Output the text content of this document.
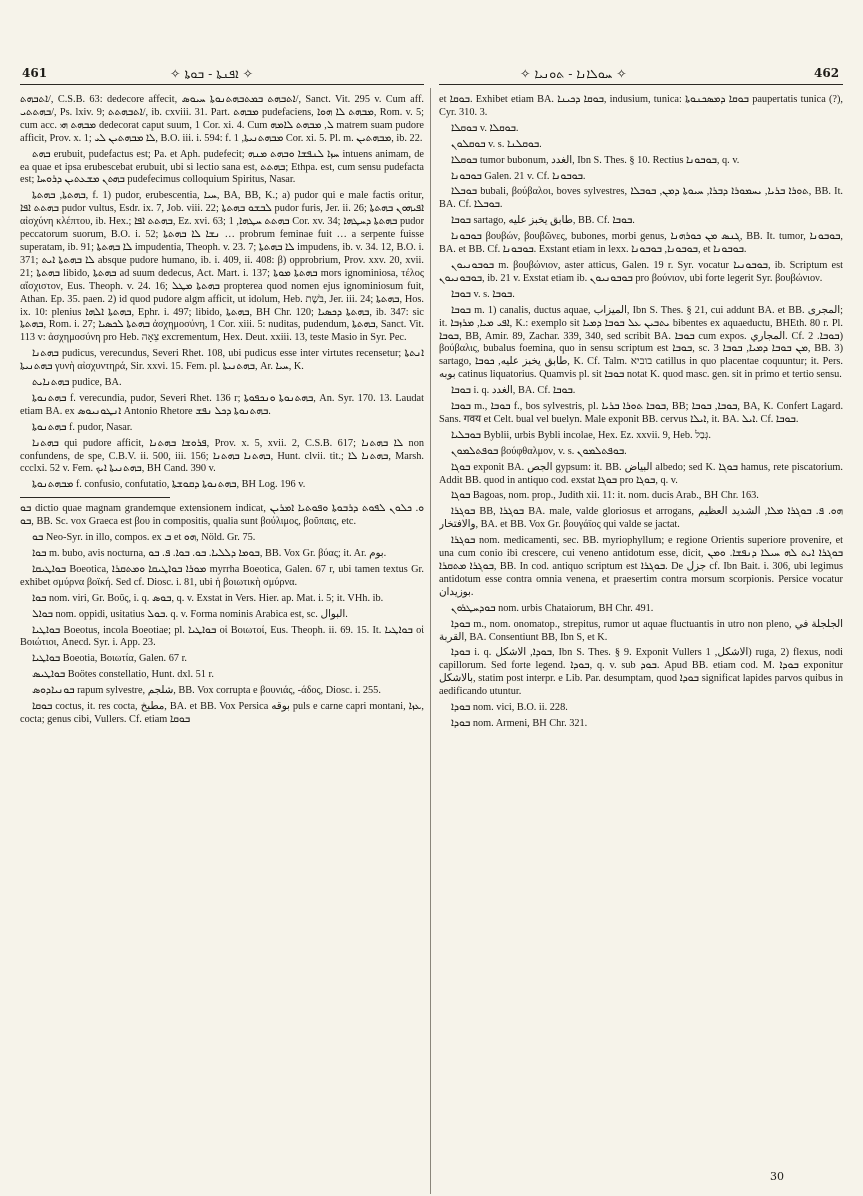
461	✧ ܐܦܢܬܐ - ܒܘܬܐ ✧	✧ ܚܘܠܐܢܐ - ܬܘܢܝܐ ✧	462

ܐܬܒܗܬ/, C.S.B. 63: dedecore affecit, ܐܬܒܗܬ ܒܡܬܒܗܬܢܘܬܐ ܚܝܘܣ/, Sanct. Vit. 295 v. Cum aff. ܒܗܬܬܝ/, Ps. lxiv. 9; ܐܬܒܗܬܬ/, ib. cxviii. 31. Part. ܡܒܗܬ pudefaciens, ܡܒܗܬ ܠܐ ܗܘܐ, Rom. v. 5; cum acc. ܡܒܗܬ ܗܝ dedecorat caput suum, 1 Cor. xi. 4. Cum ܠ, ܡܒܗܬ ܠܐܡܗ matrem suam pudore afficit, Prov. x. 1; ܠܐ ܡܒܗܬܝܢ ܠܝ, B.O. iii. i. 594: f. ܡܒܗܬܢܝܬܐ, 1 Cor. xi. 5. Pl. m. ܡܒܗܬܝܢ, ib. 22.

ܒܗܬ erubuit, pudefactus est; Pa. et Aph. pudefecit; ܚܙܐ ܠܢܦܫܐ ܘܒܗܬ ܡܢܗ intuens animam, de ea quae et ipsa erubescebat erubuit, ubi si lectio sana est, ܒܗܬܬ; Ethpa. est, cum sensu pudefacta est; ܒܗܬܢ ܡܫܥܬܝܢ ܕܪܘܚܐ pudefecimus colloquium Spiritus, Nasar.

ܒܗܬܬܐ, ܒܗܬܬܐ, f. 1) pudor, erubescentia, ܚܝܐ, BA, BB, K.; a) pudor qui e male factis oritur, ܒܗܬܬ ܐܦܐ pudor vultus, Esdr. ix. 7, Job. viii. 22; ܠܒܫܘ ܒܗܬܬܐ pudor furis, Jer. ii. 26; ܐܦܝܗܘܢ ܒܗܬܬܐ αἰσχύνη κλέπτου, ib. Hex.; ܒܗܬܬ ܐܦܐ, Ez. xvi. 63; ܒܗܬܬ ܚܛܗܐ, 1 Cor. xv. 34; ܒܗܬܬܐ ܕܚܛܗܐ pudor peccatorum suorum, B.O. i. 52; ܢܫܐ ܠܐ ܒܗܬܬܐ … probrum feminae fuit … a serpente fuisse superatam, ib. 91; ܠܐ ܒܗܬܬܐ impudentia, Theoph. v. 23. 7; ܠܐ ܒܗܬܬܐ impudens, ib. v. 34. 12, B.O. i. 371; ܠܐ ܒܗܬܬܐ ܐܝܬ absque pudore humano, ib. i. 409, ii. 408: β) opprobrium, Prov. xxv. 20, xvii. 21; ܒܗܬܬܐ libido, ܒܗܬܬܐ ad suum dedecus, Act. Mart. i. 137; ܒܗܬܬܐ ܡܘܬܐ mors ignominiosa, τέλος αἴσχιστον, Eus. Theoph. v. 24. 16; ܒܗܬܬܐ ܡܛܠ propterea quod nomen ejus ignominiosum fuit, Athan. Ep. 35. paen. 2) id quod pudore algm afficit, ut idolum, Heb. בֹּשֶׁת, Jer. iii. 24; ܒܗܬܬܐ, Hos. ix. 10: plenius ܒܗܬܬܐ ܐܠܗܐ, Ephr. i. 497; libido, ܒܗܬܬܐ, BH Chr. 120; ܒܗܬܬܐ ܕܟܣܝܐ, ib. 347: sic ܒܗܬܬܐ, Rom. i. 27; ܒܗܬܬܐ ܠܟܣܝܐ ἀσχημοσύνη, 1 Cor. xiii. 5: nuditas, pudendum, ܒܗܬܬܐ, Sanct. Vit. 113 v: ἀσχημοσύνη pro Heb. צֵאָה excrementum, Hex. Deut. xxiii. 13, teste Masio in Syr. Pec.

ܒܗܬܢܐ pudicus, verecundus, Severi Rhet. 108, ubi pudicus esse inter virtutes recensetur; ܐܢܬܬܐ ܒܗܬܢܝܬܐ γυνὴ αἰσχυντηρά, Sir. xxvi. 15. Fem. pl. ܒܗܬܢܝܬܐ, Ar. ܚܝܐ, K.

ܒܗܬܢܐܝܬ pudice, BA.

ܒܗܬܢܘܬܐ f. verecundia, pudor, Severi Rhet. 136 r; ܒܗܬܢܘܬܐ ܘܢܟܦܘܬܐ, An. Syr. 170. 13. Laudat etiam BA. ex ܐܢܛܘܢܝܘܣ Antonio Rhetore ܒܗܬܢܘܬܐ ܕܟܠ ܢܦܫ.

ܒܗܬܢܘܬܐ f. pudor, Nasar.

ܒܗܬܢܐ qui pudore afficit, ܦܪܘܫܐ ܒܗܬܢܐ, Prov. x. 5, xvii. 2, C.S.B. 617; ܠܐ ܒܗܬܢܐ non confundens, de spe, C.B.V. ii. 500, iii. 156; ܒܗܬܢܐ ܒܗܬܢܐ, Hunt. clvii. tit.; ܒܗܬܢܐ ܠܐ, Marsh. ccclxi. 52 v. Fem. ܒܗܬܢܝܬܐ ܐܝܟ, BH Cand. 390 v.

ܡܒܗܬܢܘܬܐ f. confusio, confutatio, ܒܗܬܢܘܬܐ ܕܩܘܫܬܐ, BH Log. 196 v.

ܒܘ dictio quae magnam grandemque extensionem indicat, ܘ. ܟܠܘܢ ܠܦܘܬ ܕܪܒܘܬܐ ܘܦܘܬܝܐ ܐܡܪܝܢ ܒܘ, BB. Sc. vox Graeca est βου in compositis, qualia sunt βούλιμος, βοῦπαις, etc.

ܒܘ Neo-Syr. in illo, compos. ex ܒ et ܗܘ, Nöld. Gr. 75.

ܒܘܐ m. bubo, avis nocturna, ܒܘܡܐ ܕܠܠܝܐ. ܒܘ. ܒܘܐ. ܦ. ܒܘ, BB. Vox Gr. βύας; it. Ar. بوم.

ܒܘܐܛܝܩܐ Boeotica, ܡܘܪܐ ܒܘܐܛܝܩܐ ܘܡܬܩܪܐ myrrha Boeotica, Galen. 67 r, ubi tamen textus Gr. exhibet σμύρνα βοϊκή. Sed cf. Diosc. i. 81, ubi ἡ βοιωτικὴ σμύρνα.

ܒܘܐ nom. viri, Gr. Βοῦς, i. q. ܒܘܣ, q. v. Exstat in Vers. Hier. ap. Mat. i. 5; it. VHh. ib.

ܒܘܐܠ nom. oppidi, usitatius ܒܘܠ. q. v. Forma nominis Arabica est, sc. البوال.

ܒܘܐܛܝܐ Boeotus, incola Boeotiae; pl. ܒܘܐܛܝܐ οἱ Βοιωτοί, Eus. Theoph. ii. 69. 15. It. ܒܘܐܛܝܐ οἱ Βοιώτιοι, Anecd. Syr. i. App. 23.

ܒܘܐܛܝܐ Boeotia, Βοιωτία, Galen. 67 r.

ܒܘܐܛܝܣ Boötes constellatio, Hunt. dxl. 51 r.

ܒܘܢܝܐܕܘܣ rapum sylvestre, شلجم, BB. Vox corrupta e βουνιάς, -άδος, Diosc. i. 255.

ܒܘܩܐ coctus, it. res cocta, مطبخ, BA. et BB. Vox Persica بوقه puls e carne capri montani, ܥܙܐ, cocta; genus cibi, Vullers. Cf. etiam ܒܘܩܐ

et ܒܘܩܐ. Exhibet etiam BA. ܒܘܩܐ ܕܟܝܢܐ, indusium, tunica: ܒܘܩܐ ܕܡܣܟܢܘܬܐ paupertatis tunica (?), Cyr. 310. 3.

ܒܘܩܠܐ v. ܒܘܩܠܐ.

ܒܘܩܠܘܢ v. s. ܒܘܩܠܢܐ.

ܒܘܩܠܐ tumor bubonum, الغدد, Ibn S. Thes. § 10. Rectius ܒܘܒܘܢܐ, q. v.

ܒܘܒܘܢܐ Galen. 21 v. Cf. ܒܘܒܘܢܐ.

ܒܘܒܠܐ bubali, βούβαλοι, boves sylvestres, ܬܘܪܐ ܒܪܝܐ, ܝܚܡܘܪܐ ܕܒܪܐ, ܚܝܘܬܐ ܕܡܢ, ܒܘܒܠܐ, BB. It. BA. Cf. ܒܘܒܠܐ.

ܒܘܒܐ sartago, طابق يخبز عليه, BB. Cf. ܒܘܒܐ.

ܒܘܒܘܢܐ βουβών, βουβῶνες, bubones, morbi genus, ܓܢܣ ܡܢ ܟܘܪܗܢܐ, BB. It. tumor, ܒܘܒܘܢܐ, BA. et BB. Cf. ܒܘܒܘܢܐ. Exstant etiam in lexx. ܒܘܒܘܢܐ, ܒܘܒܘܢܐ, et ܒܘܒܘܢܐ.

ܒܘܒܘܢܝܘܢ m. βουβώνιον, aster atticus, Galen. 19 r. Syr. vocatur ܒܘܒܘܢܝܐ, ib. Scriptum est ܒܘܒܘܢܝܘܢ, ib. 21 v. Exstat etiam ib. ܒܘܒܘܢܝܘܢ pro βούνιον, ubi forte legerit Syr. βουβώνιον.

ܒܘܒܐ v. s. ܒܘܒܐ.

ܒܘܒܐ m. 1) canalis, ductus aquae, الميزاب, Ibn S. Thes. § 21, cui addunt BA. et BB. المجرى; it. ܐܦܝ ܡܝܐ, ܡܪܙܒܐ, K.: exemplo sit ܝܬܒܝܢ ܥܠ ܒܘܒܐ ܕܡܝܐ bibentes ex aquaeductu, BHEth. 80 r. Pl. ܒܘܒܐ, BB, Amir. 89, Zachar. 339, 340, sed scribit BA. ܒܘܒܐ cum expos. المجاري. Cf. ܒܘܒܐ. 2) βούβαλις, bubalus foemina, quo in sensu scriptum est ܒܘܒܐ, sc. 3 ܡܢ ܒܘܒܐ ܕܡܝܐ, ܒܘܒܐ, BB. 3) sartago, طابق يخبز عليه, ܟܘܒܐ, K. Cf. Talm. בוביא catillus in quo placentae coquuntur; it. Pers. بوبه catinus liquatorius. Quamvis pl. sit ܒܘܒܐ notat K. quod masc. gen. sit in primo et tertio sensu.

ܒܘܒܐ i. q. الغدد, BA. Cf. ܒܘܒܐ.

ܒܘܒܐ m., ܒܘܒܐ f., bos sylvestris, pl. ܒܘܒܐ ܬܘܪܐ ܒܪܝܐ, BB; ܒܘܒܐ, ܒܘܒܐ, BA, K. Confert Lagard. Sans. गवय et Celt. bual vel buelyn. Male exponit BB. cervus ܐܝܠܐ, it. BA. ܐܝܠ. Cf. ܒܘܒܐ.

ܒܘܒܠܝܐ Byblii, urbis Bybli incolae, Hex. Ez. xxvii. 9, Heb. גְּבַל.

ܒܘܦܬܠܡܘܢ βούφθαλμον, v. s. ܒܘܦܬܠܡܘܢ.

ܒܘܓܐ exponit BA. الجص gypsum: it. BB. البياض albedo; sed K. ܒܘܓܐ hamus, rete piscatorium. Addit BB. quod in antiquo cod. exstat ܒܘܓܐ pro ܒܘܓܐ, q. v.

ܒܘܓܐ Bagoas, nom. prop., Judith xii. 11: it. nom. ducis Arab., BH Chr. 163.

ܒܘܓܪܐ BB, ܒܘܓܪܐ BA. male, valde gloriosus et arrogans, ܗܘ. ܦ. ܒܘܓܪܐ ܡܠܐ, الشديد العظيم والافتخار, BA. et BB. Vox Gr. βουγάϊος qui valde se jactat.

ܒܘܓܪܐ nom. medicamenti, sec. BB. myriophyllum; e regione Orientis superiore provenire, et una cum conio ibi crescere, cui veneno antidotum esse, dicit, ܒܘܓܪܐ ܐܝܬ ܠܗ ܚܝܠܐ ܕܢܦܫܐ. ܘܡܢ ܒܘܓܪܐ ܡܬܩܪܐ, BB. In cod. antiquo scriptum est ܒܘܓܪܐ. De جزل cf. Ibn Bait. i. 306, ubi legimus antidotum esse contra omnia venena, et praesertim contra morsum scorpionis. Persice vocatur بوزيدان.

ܒܘܕܚܛܪܘܢ nom. urbis Chataiorum, BH Chr. 491.

ܒܘܕܐ m., nom. onomatop., strepitus, rumor ut aquae fluctuantis in utro non pleno, الجلجلة في القربة, BA. Consentiunt BB, Ibn S, et K.

ܒܘܕܐ i. q. ܒܘܕܐ, الاشكل, Ibn S. Thes. § 9. Exponit Vullers الاشكل, 1) ruga, 2) flexus, nodi capillorum. Sed forte legend. ܒܘܕܐ, q. v. sub ܒܘܕ. Apud BB. etiam cod. M. ܒܘܕܐ exponitur بالاشكل, statim post interpr. e Lib. Par. desumptam, quod ܒܘܕܐ significat lapides parvos quibus in aedificando utuntur.

ܒܘܕܐ nom. vici, B.O. ii. 228.

ܒܘܕܐ nom. Armeni, BH Chr. 321.

30
